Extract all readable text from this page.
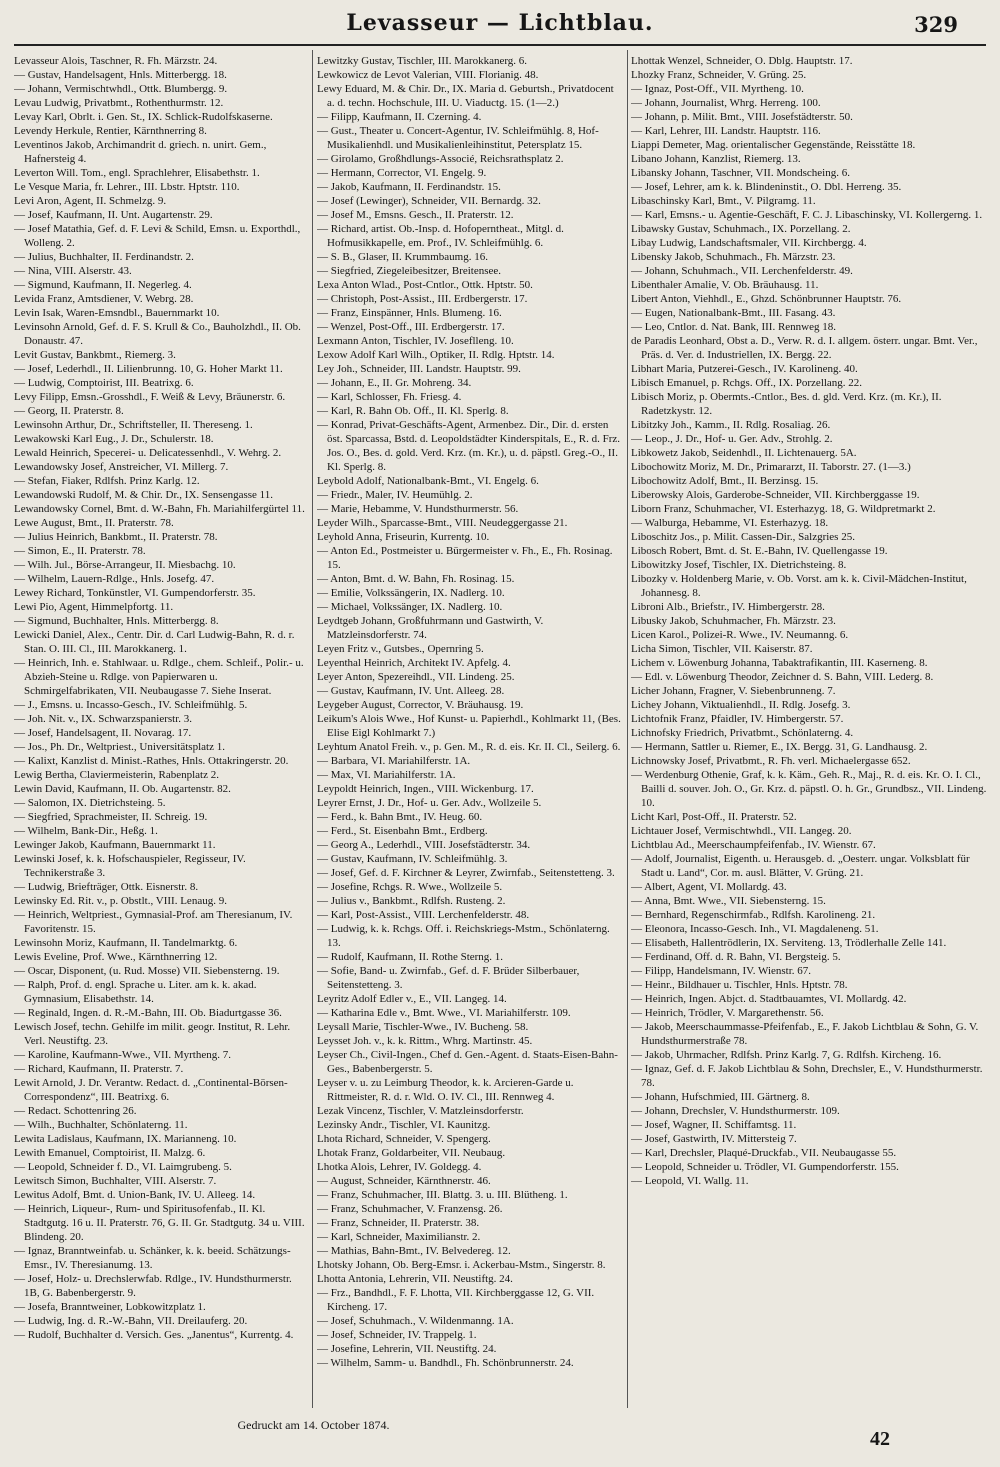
Levasseur — Lichtblau.	329

Levasseur Alois, Taschner, R. Fh. Märzstr. 24.

— Gustav, Handelsagent, Hnls. Mitterbergg. 18.

— Johann, Vermischtwhdl., Ottk. Blumbergg. 9.

Levau Ludwig, Privatbmt., Rothenthurmstr. 12.

Levay Karl, Obrlt. i. Gen. St., IX. Schlick-Rudolfskaserne.

Levendy Herkule, Rentier, Kärnthnerring 8.

Leventinos Jakob, Archimandrit d. griech. n. unirt. Gem., Hafnersteig 4.

Leverton Will. Tom., engl. Sprachlehrer, Elisabethstr. 1.

Le Vesque Maria, fr. Lehrer., III. Lbstr. Hptstr. 110.

Levi Aron, Agent, II. Schmelzg. 9.

— Josef, Kaufmann, II. Unt. Augartenstr. 29.

— Josef Matathia, Gef. d. F. Levi & Schild, Emsn. u. Exporthdl., Wolleng. 2.

— Julius, Buchhalter, II. Ferdinandstr. 2.

— Nina, VIII. Alserstr. 43.

— Sigmund, Kaufmann, II. Negerleg. 4.

Levida Franz, Amtsdiener, V. Webrg. 28.

Levin Isak, Waren-Emsndbl., Bauernmarkt 10.

Levinsohn Arnold, Gef. d. F. S. Krull & Co., Bauholzhdl., II. Ob. Donaustr. 47.

Levit Gustav, Bankbmt., Riemerg. 3.

— Josef, Lederhdl., II. Lilienbrunng. 10, G. Hoher Markt 11.

— Ludwig, Comptoirist, III. Beatrixg. 6.

Levy Filipp, Emsn.-Grosshdl., F. Weiß & Levy, Bräunerstr. 6.

— Georg, II. Praterstr. 8.

Lewinsohn Arthur, Dr., Schriftsteller, II. Thereseng. 1.

Lewakowski Karl Eug., J. Dr., Schulerstr. 18.

Lewald Heinrich, Specerei- u. Delicatessenhdl., V. Wehrg. 2.

Lewandowsky Josef, Anstreicher, VI. Millerg. 7.

— Stefan, Fiaker, Rdlfsh. Prinz Karlg. 12.

Lewandowski Rudolf, M. & Chir. Dr., IX. Sensengasse 11.

Lewandowsky Cornel, Bmt. d. W.-Bahn, Fh. Mariahilfergürtel 11.

Lewe August, Bmt., II. Praterstr. 78.

— Julius Heinrich, Bankbmt., II. Praterstr. 78.

— Simon, E., II. Praterstr. 78.

— Wilh. Jul., Börse-Arrangeur, II. Miesbachg. 10.

— Wilhelm, Lauern-Rdlge., Hnls. Josefg. 47.

Lewey Richard, Tonkünstler, VI. Gumpendorferstr. 35.

Lewi Pio, Agent, Himmelpfortg. 11.

— Sigmund, Buchhalter, Hnls. Mitterbergg. 8.

Lewicki Daniel, Alex., Centr. Dir. d. Carl Ludwig-Bahn, R. d. r. Stan. O. III. Cl., III. Marokkanerg. 1.

— Heinrich, Inh. e. Stahlwaar. u. Rdlge., chem. Schleif., Polir.- u. Abzieh-Steine u. Rdlge. von Papierwaren u. Schmirgelfabrikaten, VII. Neubaugasse 7. Siehe Inserat.

— J., Emsns. u. Incasso-Gesch., IV. Schleifmühlg. 5.

— Joh. Nit. v., IX. Schwarzspanierstr. 3.

— Josef, Handelsagent, II. Novarag. 17.

— Jos., Ph. Dr., Weltpriest., Universitätsplatz 1.

— Kalixt, Kanzlist d. Minist.-Rathes, Hnls. Ottakringerstr. 20.

Lewig Bertha, Claviermeisterin, Rabenplatz 2.

Lewin David, Kaufmann, II. Ob. Augartenstr. 82.

— Salomon, IX. Dietrichsteing. 5.

— Siegfried, Sprachmeister, II. Schreig. 19.

— Wilhelm, Bank-Dir., Heßg. 1.

Lewinger Jakob, Kaufmann, Bauernmarkt 11.

Lewinski Josef, k. k. Hofschauspieler, Regisseur, IV. Technikerstraße 3.

— Ludwig, Briefträger, Ottk. Eisnerstr. 8.

Lewinsky Ed. Rit. v., p. Obstlt., VIII. Lenaug. 9.

— Heinrich, Weltpriest., Gymnasial-Prof. am Theresianum, IV. Favoritenstr. 15.

Lewinsohn Moriz, Kaufmann, II. Tandelmarktg. 6.

Lewis Eveline, Prof. Wwe., Kärnthnerring 12.

— Oscar, Disponent, (u. Rud. Mosse) VII. Siebensterng. 19.

— Ralph, Prof. d. engl. Sprache u. Liter. am k. k. akad. Gymnasium, Elisabethstr. 14.

— Reginald, Ingen. d. R.-M.-Bahn, III. Ob. Biadurtgasse 36.

Lewisch Josef, techn. Gehilfe im milit. geogr. Institut, R. Lehr. Verl. Neustiftg. 23.

— Karoline, Kaufmann-Wwe., VII. Myrtheng. 7.

— Richard, Kaufmann, II. Praterstr. 7.

Lewit Arnold, J. Dr. Verantw. Redact. d. „Continental-Börsen-Correspondenz“, III. Beatrixg. 6.

— Redact. Schottenring 26.

— Wilh., Buchhalter, Schönlaterng. 11.

Lewita Ladislaus, Kaufmann, IX. Marianneng. 10.

Lewith Emanuel, Comptoirist, II. Malzg. 6.

— Leopold, Schneider f. D., VI. Laimgrubeng. 5.

Lewitsch Simon, Buchhalter, VIII. Alserstr. 7.

Lewitus Adolf, Bmt. d. Union-Bank, IV. U. Alleeg. 14.

— Heinrich, Liqueur-, Rum- und Spiritusofenfab., II. Kl. Stadtgutg. 16 u. II. Praterstr. 76, G. II. Gr. Stadtgutg. 34 u. VIII. Blindeng. 20.

— Ignaz, Branntweinfab. u. Schänker, k. k. beeid. Schätzungs-Emsr., IV. Theresianumg. 13.

— Josef, Holz- u. Drechslerwfab. Rdlge., IV. Hundsthurmerstr. 1B, G. Babenbergerstr. 9.

— Josefa, Branntweiner, Lobkowitzplatz 1.

— Ludwig, Ing. d. R.-W.-Bahn, VII. Dreilauferg. 20.

— Rudolf, Buchhalter d. Versich. Ges. „Janentus“, Kurrentg. 4.

Lewitzky Gustav, Tischler, III. Marokkanerg. 6.

Lewkowicz de Levot Valerian, VIII. Florianig. 48.

Lewy Eduard, M. & Chir. Dr., IX. Maria d. Geburtsh., Privatdocent a. d. techn. Hochschule, III. U. Viaductg. 15. (1—2.)

— Filipp, Kaufmann, II. Czerning. 4.

— Gust., Theater u. Concert-Agentur, IV. Schleifmühlg. 8, Hof-Musikalienhdl. und Musikalienleihinstitut, Petersplatz 15.

— Girolamo, Großhdlungs-Associé, Reichsrathsplatz 2.

— Hermann, Corrector, VI. Engelg. 9.

— Jakob, Kaufmann, II. Ferdinandstr. 15.

— Josef (Lewinger), Schneider, VII. Bernardg. 32.

— Josef M., Emsns. Gesch., II. Praterstr. 12.

— Richard, artist. Ob.-Insp. d. Hofoperntheat., Mitgl. d. Hofmusikkapelle, em. Prof., IV. Schleifmühlg. 6.

— S. B., Glaser, II. Krummbaumg. 16.

— Siegfried, Ziegeleibesitzer, Breitensee.

Lexa Anton Wlad., Post-Cntlor., Ottk. Hptstr. 50.

— Christoph, Post-Assist., III. Erdbergerstr. 17.

— Franz, Einspänner, Hnls. Blumeng. 16.

— Wenzel, Post-Off., III. Erdbergerstr. 17.

Lexmann Anton, Tischler, IV. Joseflleng. 10.

Lexow Adolf Karl Wilh., Optiker, II. Rdlg. Hptstr. 14.

Ley Joh., Schneider, III. Landstr. Hauptstr. 99.

— Johann, E., II. Gr. Mohreng. 34.

— Karl, Schlosser, Fh. Friesg. 4.

— Karl, R. Bahn Ob. Off., II. Kl. Sperlg. 8.

— Konrad, Privat-Geschäfts-Agent, Armenbez. Dir., Dir. d. ersten öst. Sparcassa, Bstd. d. Leopoldstädter Kinderspitals, E., R. d. Frz. Jos. O., Bes. d. gold. Verd. Krz. (m. Kr.), u. d. päpstl. Greg.-O., II. Kl. Sperlg. 8.

Leybold Adolf, Nationalbank-Bmt., VI. Engelg. 6.

— Friedr., Maler, IV. Heumühlg. 2.

— Marie, Hebamme, V. Hundsthurmerstr. 56.

Leyder Wilh., Sparcasse-Bmt., VIII. Neudeggergasse 21.

Leyhold Anna, Friseurin, Kurrentg. 10.

— Anton Ed., Postmeister u. Bürgermeister v. Fh., E., Fh. Rosinag. 15.

— Anton, Bmt. d. W. Bahn, Fh. Rosinag. 15.

— Emilie, Volkssängerin, IX. Nadlerg. 10.

— Michael, Volkssänger, IX. Nadlerg. 10.

Leydtgeb Johann, Großfuhrmann und Gastwirth, V. Matzleinsdorferstr. 74.

Leyen Fritz v., Gutsbes., Opernring 5.

Leyenthal Heinrich, Architekt IV. Apfelg. 4.

Leyer Anton, Spezereihdl., VII. Lindeng. 25.

— Gustav, Kaufmann, IV. Unt. Alleeg. 28.

Leygeber August, Corrector, V. Bräuhausg. 19.

Leikum's Alois Wwe., Hof Kunst- u. Papierhdl., Kohlmarkt 11, (Bes. Elise Eigl Kohlmarkt 7.)

Leyhtum Anatol Freih. v., p. Gen. M., R. d. eis. Kr. II. Cl., Seilerg. 6.

— Barbara, VI. Mariahilferstr. 1A.

— Max, VI. Mariahilferstr. 1A.

Leypoldt Heinrich, Ingen., VIII. Wickenburg. 17.

Leyrer Ernst, J. Dr., Hof- u. Ger. Adv., Wollzeile 5.

— Ferd., k. Bahn Bmt., IV. Heug. 60.

— Ferd., St. Eisenbahn Bmt., Erdberg.

— Georg A., Lederhdl., VIII. Josefstädterstr. 34.

— Gustav, Kaufmann, IV. Schleifmühlg. 3.

— Josef, Gef. d. F. Kirchner & Leyrer, Zwirnfab., Seitenstetteng. 3.

— Josefine, Rchgs. R. Wwe., Wollzeile 5.

— Julius v., Bankbmt., Rdlfsh. Rusteng. 2.

— Karl, Post-Assist., VIII. Lerchenfelderstr. 48.

— Ludwig, k. k. Rchgs. Off. i. Reichskriegs-Mstm., Schönlaterng. 13.

— Rudolf, Kaufmann, II. Rothe Sterng. 1.

— Sofie, Band- u. Zwirnfab., Gef. d. F. Brüder Silberbauer, Seitenstetteng. 3.

Leyritz Adolf Edler v., E., VII. Langeg. 14.

— Katharina Edle v., Bmt. Wwe., VI. Mariahilferstr. 109.

Leysall Marie, Tischler-Wwe., IV. Bucheng. 58.

Leysset Joh. v., k. k. Rittm., Whrg. Martinstr. 45.

Leyser Ch., Civil-Ingen., Chef d. Gen.-Agent. d. Staats-Eisen-Bahn-Ges., Babenbergerstr. 5.

Leyser v. u. zu Leimburg Theodor, k. k. Arcieren-Garde u. Rittmeister, R. d. r. Wld. O. IV. Cl., III. Rennweg 4.

Lezak Vincenz, Tischler, V. Matzleinsdorferstr.

Lezinsky Andr., Tischler, VI. Kaunitzg.

Lhota Richard, Schneider, V. Spengerg.

Lhotak Franz, Goldarbeiter, VII. Neubaug.

Lhotka Alois, Lehrer, IV. Goldegg. 4.

— August, Schneider, Kärnthnerstr. 46.

— Franz, Schuhmacher, III. Blattg. 3. u. III. Blütheng. 1.

— Franz, Schuhmacher, V. Franzensg. 26.

— Franz, Schneider, II. Praterstr. 38.

— Karl, Schneider, Maximilianstr. 2.

— Mathias, Bahn-Bmt., IV. Belvedereg. 12.

Lhotsky Johann, Ob. Berg-Emsr. i. Ackerbau-Mstm., Singerstr. 8.

Lhotta Antonia, Lehrerin, VII. Neustiftg. 24.

— Frz., Bandhdl., F. F. Lhotta, VII. Kirchberggasse 12, G. VII. Kircheng. 17.

— Josef, Schuhmach., V. Wildenmanng. 1A.

— Josef, Schneider, IV. Trappelg. 1.

— Josefine, Lehrerin, VII. Neustiftg. 24.

— Wilhelm, Samm- u. Bandhdl., Fh. Schönbrunnerstr. 24.

Lhottak Wenzel, Schneider, O. Dblg. Hauptstr. 17.

Lhozky Franz, Schneider, V. Grüng. 25.

— Ignaz, Post-Off., VII. Myrtheng. 10.

— Johann, Journalist, Whrg. Herreng. 100.

— Johann, p. Milit. Bmt., VIII. Josefstädterstr. 50.

— Karl, Lehrer, III. Landstr. Hauptstr. 116.

Liappi Demeter, Mag. orientalischer Gegenstände, Reisstätte 18.

Libano Johann, Kanzlist, Riemerg. 13.

Libansky Johann, Taschner, VII. Mondscheing. 6.

— Josef, Lehrer, am k. k. Blindeninstit., O. Dbl. Herreng. 35.

Libaschinsky Karl, Bmt., V. Pilgramg. 11.

— Karl, Emsns.- u. Agentie-Geschäft, F. C. J. Libaschinsky, VI. Kollergerng. 1.

Libawsky Gustav, Schuhmach., IX. Porzellang. 2.

Libay Ludwig, Landschaftsmaler, VII. Kirchbergg. 4.

Libensky Jakob, Schuhmach., Fh. Märzstr. 23.

— Johann, Schuhmach., VII. Lerchenfelderstr. 49.

Libenthaler Amalie, V. Ob. Bräuhausg. 11.

Libert Anton, Viehhdl., E., Ghzd. Schönbrunner Hauptstr. 76.

— Eugen, Nationalbank-Bmt., III. Fasang. 43.

— Leo, Cntlor. d. Nat. Bank, III. Rennweg 18.

de Paradis Leonhard, Obst a. D., Verw. R. d. I. allgem. österr. ungar. Bmt. Ver., Präs. d. Ver. d. Industriellen, IX. Bergg. 22.

Libhart Maria, Putzerei-Gesch., IV. Karolineng. 40.

Libisch Emanuel, p. Rchgs. Off., IX. Porzellang. 22.

Libisch Moriz, p. Obermts.-Cntlor., Bes. d. gld. Verd. Krz. (m. Kr.), II. Radetzkystr. 12.

Libitzky Joh., Kamm., II. Rdlg. Rosaliag. 26.

— Leop., J. Dr., Hof- u. Ger. Adv., Strohlg. 2.

Libkowetz Jakob, Seidenhdl., II. Lichtenauerg. 5A.

Libochowitz Moriz, M. Dr., Primararzt, II. Taborstr. 27. (1—3.)

Libochowitz Adolf, Bmt., II. Berzinsg. 15.

Liberowsky Alois, Garderobe-Schneider, VII. Kirchberggasse 19.

Liborn Franz, Schuhmacher, VI. Esterhazyg. 18, G. Wildpretmarkt 2.

— Walburga, Hebamme, VI. Esterhazyg. 18.

Liboschitz Jos., p. Milit. Cassen-Dir., Salzgries 25.

Libosch Robert, Bmt. d. St. E.-Bahn, IV. Quellengasse 19.

Libowitzky Josef, Tischler, IX. Dietrichsteing. 8.

Libozky v. Holdenberg Marie, v. Ob. Vorst. am k. k. Civil-Mädchen-Institut, Johannesg. 8.

Libroni Alb., Briefstr., IV. Himbergerstr. 28.

Libusky Jakob, Schuhmacher, Fh. Märzstr. 23.

Licen Karol., Polizei-R. Wwe., IV. Neumanng. 6.

Licha Simon, Tischler, VII. Kaiserstr. 87.

Lichem v. Löwenburg Johanna, Tabaktrafikantin, III. Kaserneng. 8.

— Edl. v. Löwenburg Theodor, Zeichner d. S. Bahn, VIII. Lederg. 8.

Licher Johann, Fragner, V. Siebenbrunneng. 7.

Lichey Johann, Viktualienhdl., II. Rdlg. Josefg. 3.

Lichtofnik Franz, Pfaidler, IV. Himbergerstr. 57.

Lichnofsky Friedrich, Privatbmt., Schönlaterng. 4.

— Hermann, Sattler u. Riemer, E., IX. Bergg. 31, G. Landhausg. 2.

Lichnowsky Josef, Privatbmt., R. Fh. verl. Michaelergasse 652.

— Werdenburg Othenie, Graf, k. k. Käm., Geh. R., Maj., R. d. eis. Kr. O. I. Cl., Bailli d. souver. Joh. O., Gr. Krz. d. päpstl. O. h. Gr., Grundbsz., VII. Lindeng. 10.

Licht Karl, Post-Off., II. Praterstr. 52.

Lichtauer Josef, Vermischtwhdl., VII. Langeg. 20.

Lichtblau Ad., Meerschaumpfeifenfab., IV. Wienstr. 67.

— Adolf, Journalist, Eigenth. u. Herausgeb. d. „Oesterr. ungar. Volksblatt für Stadt u. Land“, Cor. m. ausl. Blätter, V. Grüng. 21.

— Albert, Agent, VI. Mollardg. 43.

— Anna, Bmt. Wwe., VII. Siebensterng. 15.

— Bernhard, Regenschirmfab., Rdlfsh. Karolineng. 21.

— Eleonora, Incasso-Gesch. Inh., VI. Magdaleneng. 51.

— Elisabeth, Hallentrödlerin, IX. Serviteng. 13, Trödlerhalle Zelle 141.

— Ferdinand, Off. d. R. Bahn, VI. Bergsteig. 5.

— Filipp, Handelsmann, IV. Wienstr. 67.

— Heinr., Bildhauer u. Tischler, Hnls. Hptstr. 78.

— Heinrich, Ingen. Abjct. d. Stadtbauamtes, VI. Mollardg. 42.

— Heinrich, Trödler, V. Margarethenstr. 56.

— Jakob, Meerschaummasse-Pfeifenfab., E., F. Jakob Lichtblau & Sohn, G. V. Hundsthurmerstraße 78.

— Jakob, Uhrmacher, Rdlfsh. Prinz Karlg. 7, G. Rdlfsh. Kircheng. 16.

— Ignaz, Gef. d. F. Jakob Lichtblau & Sohn, Drechsler, E., V. Hundsthurmerstr. 78.

— Johann, Hufschmied, III. Gärtnerg. 8.

— Johann, Drechsler, V. Hundsthurmerstr. 109.

— Josef, Wagner, II. Schiffamtsg. 11.

— Josef, Gastwirth, IV. Mittersteig 7.

— Karl, Drechsler, Plaqué-Druckfab., VII. Neubaugasse 55.

— Leopold, Schneider u. Trödler, VI. Gumpendorferstr. 155.

— Leopold, VI. Wallg. 11.

Gedruckt am 14. October 1874.
42
